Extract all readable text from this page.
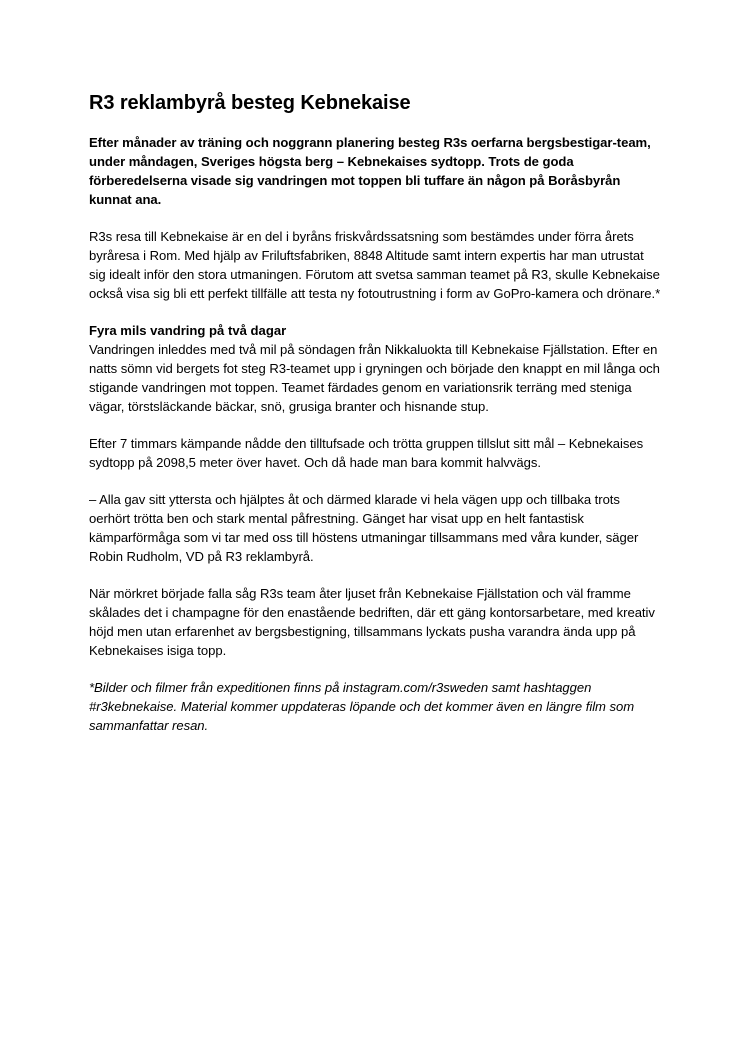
R3 reklambyrå besteg Kebnekaise

Efter månader av träning och noggrann planering besteg R3s oerfarna bergsbestigar-team, under måndagen, Sveriges högsta berg – Kebnekaises sydtopp. Trots de goda förberedelserna visade sig vandringen mot toppen bli tuffare än någon på Boråsbyrån kunnat ana.

R3s resa till Kebnekaise är en del i byråns friskvårdssatsning som bestämdes under förra årets byråresa i Rom. Med hjälp av Friluftsfabriken, 8848 Altitude samt intern expertis har man utrustat sig idealt inför den stora utmaningen. Förutom att svetsa samman teamet på R3, skulle Kebnekaise också visa sig bli ett perfekt tillfälle att testa ny fotoutrustning i form av GoPro-kamera och drönare.*

Fyra mils vandring på två dagar

Vandringen inleddes med två mil på söndagen från Nikkaluokta till Kebnekaise Fjällstation. Efter en natts sömn vid bergets fot steg R3-teamet upp i gryningen och började den knappt en mil långa och stigande vandringen mot toppen. Teamet färdades genom en variationsrik terräng med steniga vägar, törstsläckande bäckar, snö, grusiga branter och hisnande stup.

Efter 7 timmars kämpande nådde den tilltufsade och trötta gruppen tillslut sitt mål – Kebnekaises sydtopp på 2098,5 meter över havet. Och då hade man bara kommit halvvägs.

– Alla gav sitt yttersta och hjälptes åt och därmed klarade vi hela vägen upp och tillbaka trots oerhört trötta ben och stark mental påfrestning. Gänget har visat upp en helt fantastisk kämparförmåga som vi tar med oss till höstens utmaningar tillsammans med våra kunder, säger Robin Rudholm, VD på R3 reklambyrå.

När mörkret började falla såg R3s team åter ljuset från Kebnekaise Fjällstation och väl framme skålades det i champagne för den enastående bedriften, där ett gäng kontorsarbetare, med kreativ höjd men utan erfarenhet av bergsbestigning, tillsammans lyckats pusha varandra ända upp på Kebnekaises isiga topp.

*Bilder och filmer från expeditionen finns på instagram.com/r3sweden samt hashtaggen #r3kebnekaise. Material kommer uppdateras löpande och det kommer även en längre film som sammanfattar resan.
